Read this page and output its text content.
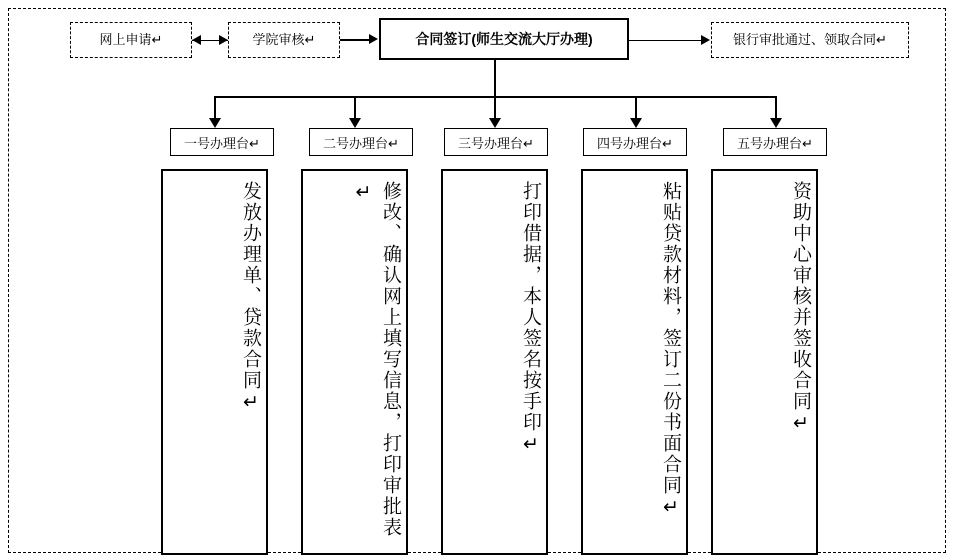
网上申请↵	学院审核↵	合同签订(师生交流大厅办理)	银行审批通过、领取合同↵
一号办理台↵	二号办理台↵	三号办理台↵	四号办理台↵	五号办理台↵
发放办理单、贷款合同↵	修改、确认网上填写信息，打印审批表↵	打印借据，本人签名按手印↵	粘贴贷款材料，签订二份书面合同↵	资助中心审核并签收合同↵
